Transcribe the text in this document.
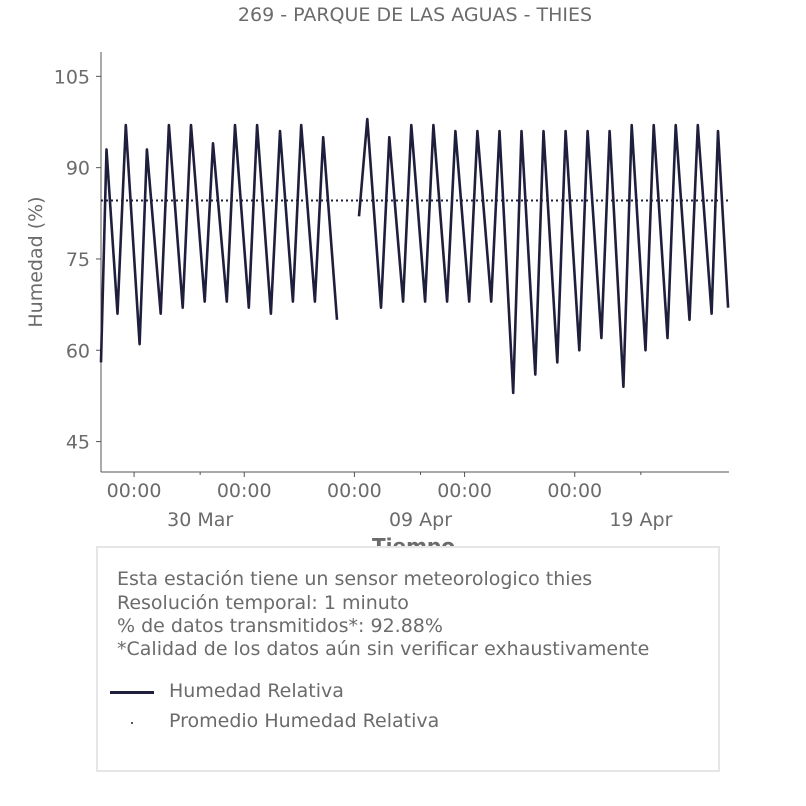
269 - PARQUE DE LAS AGUAS - THIES
45
60
75
90
105
00:00	00:00	00:00	00:00	00:00
30 Mar	09 Apr	19 Apr
Humedad (%)
Esta estación tiene un sensor meteorologico thies
Resolución temporal: 1 minuto
% de datos transmitidos*: 92.88%
*Calidad de los datos aún sin verificar exhaustivamente
Humedad Relativa
Promedio Humedad Relativa
